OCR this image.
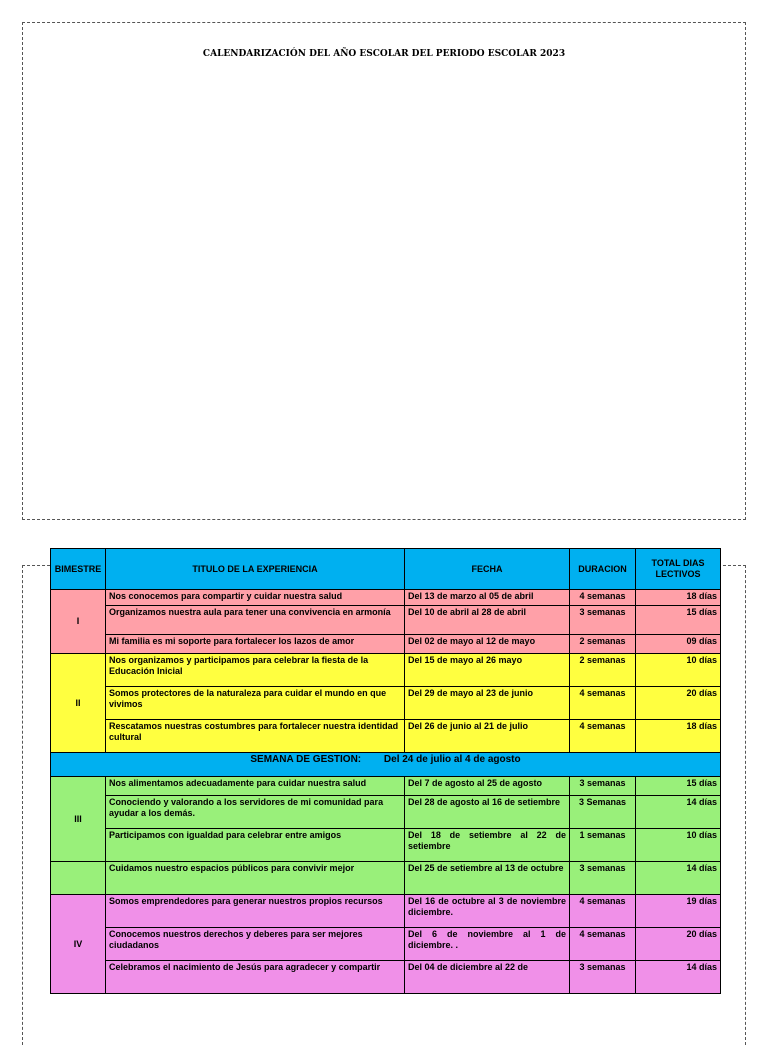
CALENDARIZACIÓN DEL AÑO ESCOLAR DEL PERIODO ESCOLAR 2023
BIMESTRE	TITULO DE LA EXPERIENCIA	FECHA	DURACION	TOTAL DIAS LECTIVOS
I	Nos conocemos para compartir y cuidar nuestra salud	Del 13 de marzo al 05 de abril	4 semanas	18 días
	Organizamos nuestra aula para tener una convivencia en armonía	Del 10 de abril al 28 de abril	3 semanas	15 días
	Mi familia es mi soporte para fortalecer los lazos de amor	Del 02 de mayo al 12 de mayo	2 semanas	09 días
II	Nos organizamos y participamos para celebrar la fiesta de la Educación Inicial	Del 15 de mayo al 26 mayo	2 semanas	10 días
	Somos protectores de la naturaleza para cuidar el mundo en que vivimos	Del 29 de mayo al 23 de junio	4 semanas	20 días
	Rescatamos nuestras costumbres para fortalecer nuestra identidad cultural	Del 26 de junio al 21 de julio	4 semanas	18 días
SEMANA DE GESTION: Del 24 de julio al 4 de agosto				
III	Nos alimentamos adecuadamente para cuidar nuestra salud	Del 7 de agosto al 25 de agosto	3 semanas	15 días
	Conociendo y valorando a los servidores de mi comunidad para ayudar a los demás.	Del 28 de agosto al 16 de setiembre	3 Semanas	14 días
	Participamos con igualdad para celebrar entre amigos	Del 18 de setiembre al 22 de setiembre	1 semanas	10 días
	Cuidamos nuestro espacios públicos para convivir mejor	Del 25 de setiembre al 13 de octubre	3 semanas	14 días
IV	Somos emprendedores para generar nuestros propios recursos	Del 16 de octubre al 3 de noviembre diciembre.	4 semanas	19 días
	Conocemos nuestros derechos y deberes para ser mejores ciudadanos	Del 6 de noviembre al 1 de diciembre. .	4 semanas	20 días
	Celebramos el nacimiento de Jesús para agradecer y compartir	Del 04 de diciembre al 22 de	3 semanas	14 días
